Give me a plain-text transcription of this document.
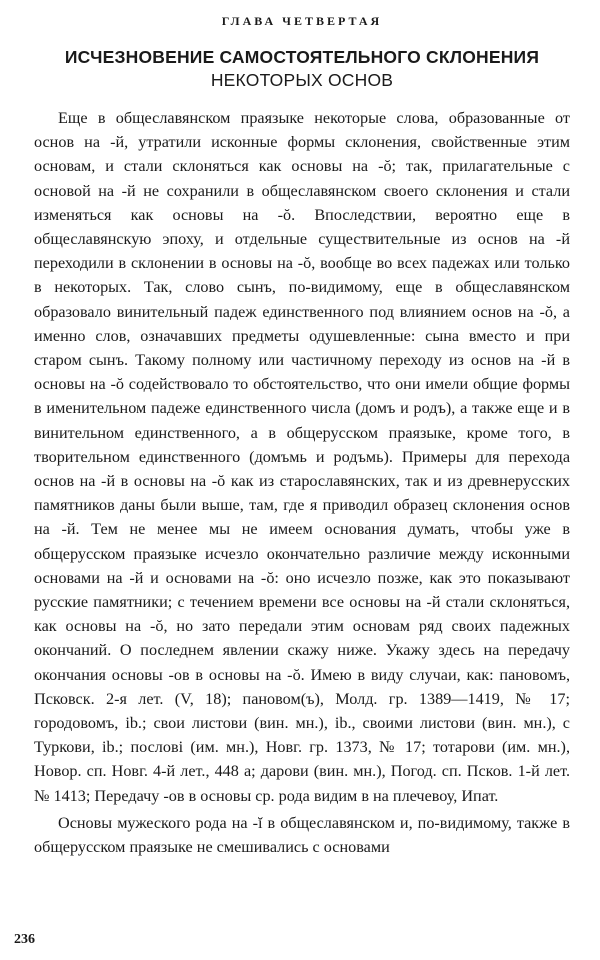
ГЛАВА ЧЕТВЕРТАЯ
ИСЧЕЗНОВЕНИЕ САМОСТОЯТЕЛЬНОГО СКЛОНЕНИЯ
НЕКОТОРЫХ ОСНОВ

Еще в общеславянском праязыке некоторые слова, образованные от основ на -й, утратили исконные формы склонения, свойственные этим основам, и стали склоняться как основы на -ŏ; так, прилагательные с основой на -й не сохранили в общеславянском своего склонения и стали изменяться как основы на -ŏ. Впоследствии, вероятно еще в общеславянскую эпоху, и отдельные существительные из основ на -й переходили в склонении в основы на -ŏ, вообще во всех падежах или только в некоторых. Так, слово сынъ, по-видимому, еще в общеславянском образовало винительный падеж единственного под влиянием основ на -ŏ, а именно слов, означавших предметы одушевленные: сына вместо и при старом сынъ. Такому полному или частичному переходу из основ на -й в основы на -ŏ содействовало то обстоятельство, что они имели общие формы в именительном падеже единственного числа (домъ и родъ), а также еще и в винительном единственного, а в общерусском праязыке, кроме того, в творительном единственного (домъмь и родъмь). Примеры для перехода основ на -й в основы на -ŏ как из старославянских, так и из древнерусских памятников даны были выше, там, где я приводил образец склонения основ на -й. Тем не менее мы не имеем основания думать, чтобы уже в общерусском праязыке исчезло окончательно различие между исконными основами на -й и основами на -ŏ: оно исчезло позже, как это показывают русские памятники; с течением времени все основы на -й стали склоняться, как основы на -ŏ, но зато передали этим основам ряд своих падежных окончаний. О последнем явлении скажу ниже. Укажу здесь на передачу окончания основы -ов в основы на -ŏ. Имею в виду случаи, как: пановомъ, Псковск. 2-я лет. (V, 18); пановом(ъ), Молд. гр. 1389—1419, № 17; городовомъ, ib.; свои листови (вин. мн.), ib., своими листови (вин. мн.), с Туркови, ib.; послові (им. мн.), Новг. гр. 1373, № 17; тотарови (им. мн.), Новор. сп. Новг. 4-й лет., 448 а; дарови (вин. мн.), Погод. сп. Псков. 1-й лет. № 1413; Передачу -ов в основы ср. рода видим в на плечевоу, Ипат.

Основы мужеского рода на -ĭ в общеславянском и, по-видимому, также в общерусском праязыке не смешивались с основами

236
